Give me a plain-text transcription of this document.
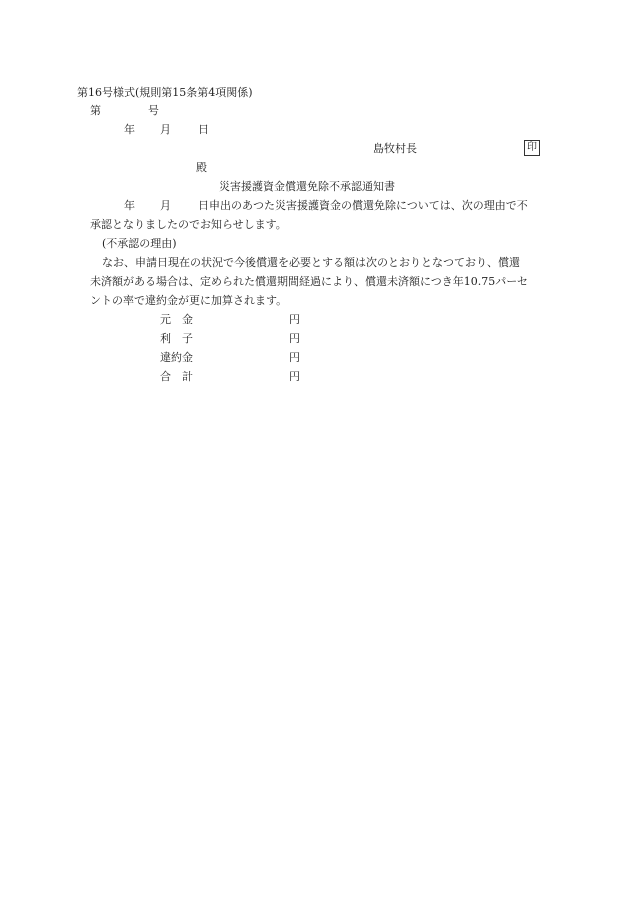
第16号様式(規則第15条第4項関係)
第	号
年 月 日
島牧村長	印
殿
災害援護資金償還免除不承認通知書
年 月 日申出のあつた災害援護資金の償還免除については、次の理由で不
承認となりましたのでお知らせします。
(不承認の理由)
なお、申請日現在の状況で今後償還を必要とする額は次のとおりとなつており、償還
未済額がある場合は、定められた償還期間経過により、償還未済額につき年10.75パーセ
ントの率で違約金が更に加算されます。
元　金	円
利　子	円
違約金	円
合　計	円
